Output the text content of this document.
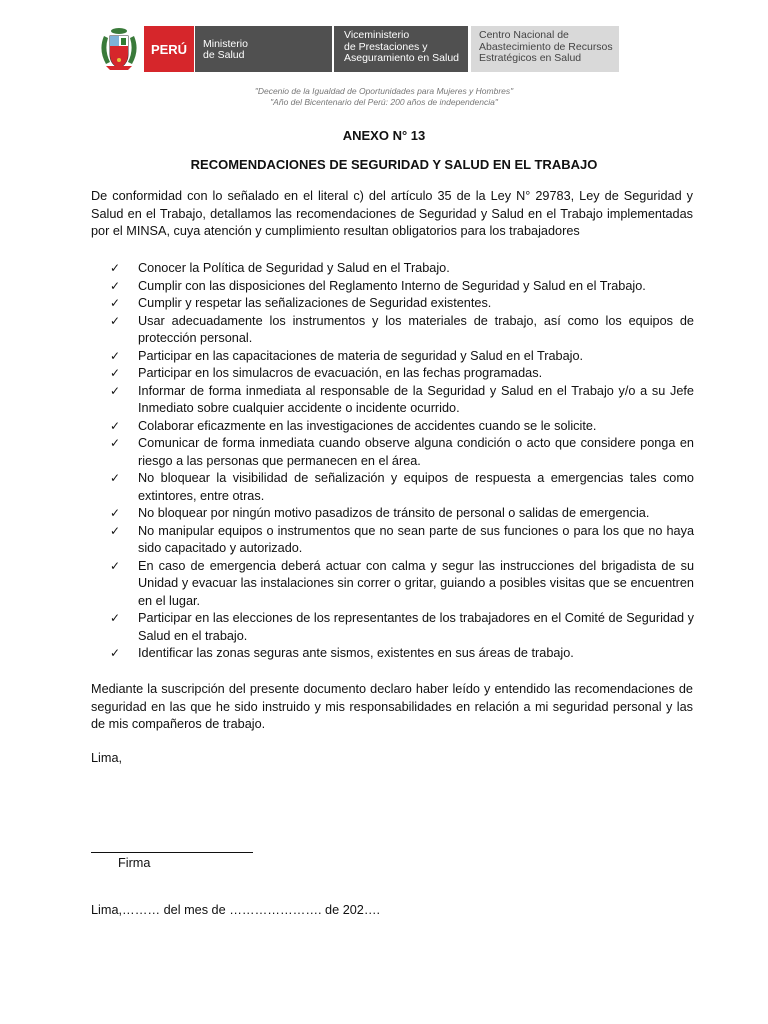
PERÚ Ministerio
de Salud
Viceministerio
de Prestaciones y
Aseguramiento en Salud
Centro Nacional de
Abastecimiento de Recursos
Estratégicos en Salud
"Decenio de la Igualdad de Oportunidades para Mujeres y Hombres"
"Año del Bicentenario del Perú: 200 años de independencia"
ANEXO N° 13
RECOMENDACIONES DE SEGURIDAD Y SALUD EN EL TRABAJO
De conformidad con lo señalado en el literal c) del artículo 35 de la Ley N° 29783, Ley de Seguridad y Salud en el Trabajo, detallamos las recomendaciones de Seguridad y Salud en el Trabajo implementadas por el MINSA, cuya atención y cumplimiento resultan obligatorios para los trabajadores
✓ Conocer la Política de Seguridad y Salud en el Trabajo.
✓ Cumplir con las disposiciones del Reglamento Interno de Seguridad y Salud en el Trabajo.
✓ Cumplir y respetar las señalizaciones de Seguridad existentes.
✓ Usar adecuadamente los instrumentos y los materiales de trabajo, así como los equipos de protección personal.
✓ Participar en las capacitaciones de materia de seguridad y Salud en el Trabajo.
✓ Participar en los simulacros de evacuación, en las fechas programadas.
✓ Informar de forma inmediata al responsable de la Seguridad y Salud en el Trabajo y/o a su Jefe Inmediato sobre cualquier accidente o incidente ocurrido.
✓ Colaborar eficazmente en las investigaciones de accidentes cuando se le solicite.
✓ Comunicar de forma inmediata cuando observe alguna condición o acto que considere ponga en riesgo a las personas que permanecen en el área.
✓ No bloquear la visibilidad de señalización y equipos de respuesta a emergencias tales como extintores, entre otras.
✓ No bloquear por ningún motivo pasadizos de tránsito de personal o salidas de emergencia.
✓ No manipular equipos o instrumentos que no sean parte de sus funciones o para los que no haya sido capacitado y autorizado.
✓ En caso de emergencia deberá actuar con calma y segur las instrucciones del brigadista de su Unidad y evacuar las instalaciones sin correr o gritar, guiando a posibles visitas que se encuentren en el lugar.
✓ Participar en las elecciones de los representantes de los trabajadores en el Comité de Seguridad y Salud en el trabajo.
✓ Identificar las zonas seguras ante sismos, existentes en sus áreas de trabajo.
Mediante la suscripción del presente documento declaro haber leído y entendido las recomendaciones de seguridad en las que he sido instruido y mis responsabilidades en relación a mi seguridad personal y las de mis compañeros de trabajo.
Lima,
Firma
Lima,……… del mes de …………………. de 202….
